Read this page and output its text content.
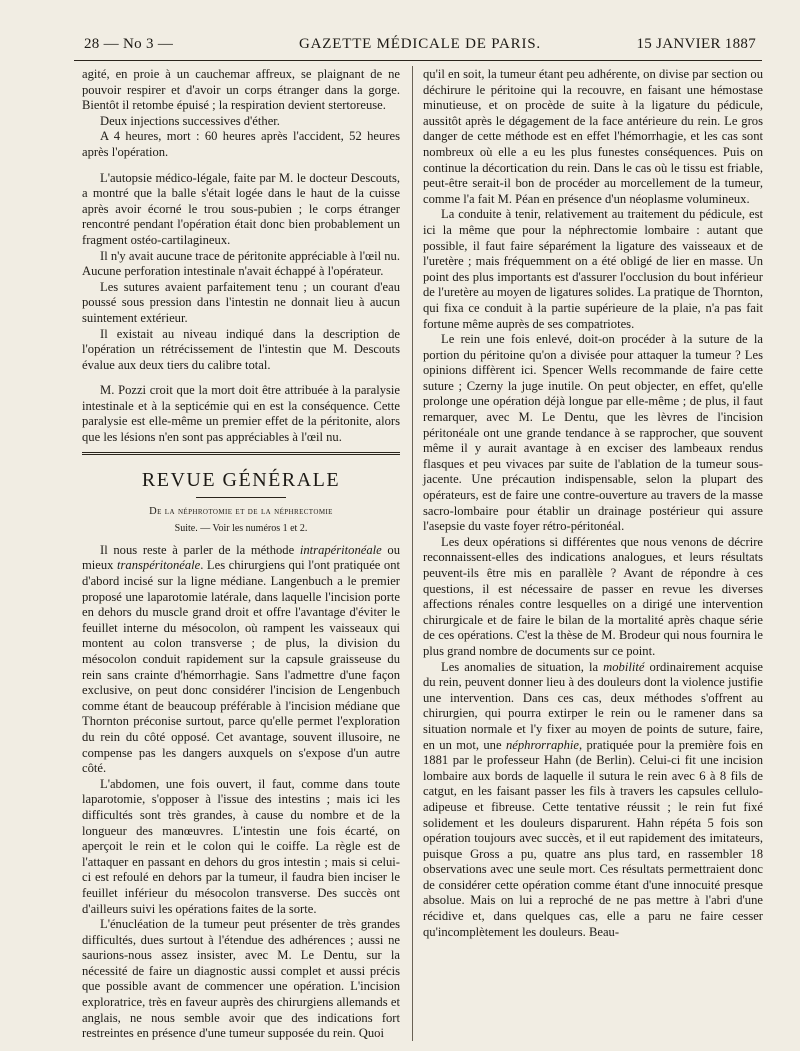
28 — No 3 —	GAZETTE MÉDICALE DE PARIS.	15 JANVIER 1887

agité, en proie à un cauchemar affreux, se plaignant de ne pouvoir respirer et d'avoir un corps étranger dans la gorge. Bientôt il retombe épuisé ; la respiration devient stertoreuse.

Deux injections successives d'éther.

A 4 heures, mort : 60 heures après l'accident, 52 heures après l'opération.

L'autopsie médico-légale, faite par M. le docteur Descouts, a montré que la balle s'était logée dans le haut de la cuisse après avoir écorné le trou sous-pubien ; le corps étranger rencontré pendant l'opération était donc bien probablement un fragment ostéo-cartilagineux.

Il n'y avait aucune trace de péritonite appréciable à l'œil nu. Aucune perforation intestinale n'avait échappé à l'opérateur.

Les sutures avaient parfaitement tenu ; un courant d'eau poussé sous pression dans l'intestin ne donnait lieu à aucun suintement extérieur.

Il existait au niveau indiqué dans la description de l'opération un rétrécissement de l'intestin que M. Descouts évalue aux deux tiers du calibre total.

M. Pozzi croit que la mort doit être attribuée à la paralysie intestinale et à la septicémie qui en est la conséquence. Cette paralysie est elle-même un premier effet de la péritonite, alors que les lésions n'en sont pas appréciables à l'œil nu.

REVUE GÉNÉRALE
De la néphrotomie et de la néphrectomie
Suite. — Voir les numéros 1 et 2.

Il nous reste à parler de la méthode intrapéritonéale ou mieux transpéritonéale. Les chirurgiens qui l'ont pratiquée ont d'abord incisé sur la ligne médiane. Langenbuch a le premier proposé une laparotomie latérale, dans laquelle l'incision porte en dehors du muscle grand droit et offre l'avantage d'éviter le feuillet interne du mésocolon, où rampent les vaisseaux qui montent au colon transverse ; de plus, la division du mésocolon conduit rapidement sur la capsule graisseuse du rein sans crainte d'hémorrhagie. Sans l'admettre d'une façon exclusive, on peut donc considérer l'incision de Lengenbuch comme étant de beaucoup préférable à l'incision médiane que Thornton préconise surtout, parce qu'elle permet l'exploration du rein du côté opposé. Cet avantage, souvent illusoire, ne compense pas les dangers auxquels on s'expose d'un autre côté.

L'abdomen, une fois ouvert, il faut, comme dans toute laparotomie, s'opposer à l'issue des intestins ; mais ici les difficultés sont très grandes, à cause du nombre et de la longueur des manœuvres. L'intestin une fois écarté, on aperçoit le rein et le colon qui le coiffe. La règle est de l'attaquer en passant en dehors du gros intestin ; mais si celui-ci est refoulé en dehors par la tumeur, il faudra bien inciser le feuillet inférieur du mésocolon transverse. Des succès ont d'ailleurs suivi les opérations faites de la sorte.

L'énucléation de la tumeur peut présenter de très grandes difficultés, dues surtout à l'étendue des adhérences ; aussi ne saurions-nous assez insister, avec M. Le Dentu, sur la nécessité de faire un diagnostic aussi complet et aussi précis que possible avant de commencer une opération. L'incision exploratrice, très en faveur auprès des chirurgiens allemands et anglais, ne nous semble avoir que des indications fort restreintes en présence d'une tumeur supposée du rein. Quoi

qu'il en soit, la tumeur étant peu adhérente, on divise par section ou déchirure le péritoine qui la recouvre, en faisant une hémostase minutieuse, et on procède de suite à la ligature du pédicule, aussitôt après le dégagement de la face antérieure du rein. Le gros danger de cette méthode est en effet l'hémorrhagie, et les cas sont nombreux où elle a eu les plus funestes conséquences. Puis on continue la décortication du rein. Dans le cas où le tissu est friable, peut-être serait-il bon de procéder au morcellement de la tumeur, comme l'a fait M. Péan en présence d'un néoplasme volumineux.

La conduite à tenir, relativement au traitement du pédicule, est ici la même que pour la néphrectomie lombaire : autant que possible, il faut faire séparément la ligature des vaisseaux et de l'uretère ; mais fréquemment on a été obligé de lier en masse. Un point des plus importants est d'assurer l'occlusion du bout inférieur de l'uretère au moyen de ligatures solides. La pratique de Thornton, qui fixa ce conduit à la partie supérieure de la plaie, n'a pas fait fortune même auprès de ses compatriotes.

Le rein une fois enlevé, doit-on procéder à la suture de la portion du péritoine qu'on a divisée pour attaquer la tumeur ? Les opinions diffèrent ici. Spencer Wells recommande de faire cette suture ; Czerny la juge inutile. On peut objecter, en effet, qu'elle prolonge une opération déjà longue par elle-même ; de plus, il faut remarquer, avec M. Le Dentu, que les lèvres de l'incision péritonéale ont une grande tendance à se rapprocher, que souvent même il y aurait avantage à en exciser des lambeaux rendus flasques et peu vivaces par suite de l'ablation de la tumeur sous-jacente. Une précaution indispensable, selon la plupart des opérateurs, est de faire une contre-ouverture au travers de la masse sacro-lombaire pour établir un drainage postérieur qui assure l'asepsie du vaste foyer rétro-péritonéal.

Les deux opérations si différentes que nous venons de décrire reconnaissent-elles des indications analogues, et leurs résultats peuvent-ils être mis en parallèle ? Avant de répondre à ces questions, il est nécessaire de passer en revue les diverses affections rénales contre lesquelles on a dirigé une intervention chirurgicale et de faire le bilan de la mortalité après chaque série de ces opérations. C'est la thèse de M. Brodeur qui nous fournira le plus grand nombre de documents sur ce point.

Les anomalies de situation, la mobilité ordinairement acquise du rein, peuvent donner lieu à des douleurs dont la violence justifie une intervention. Dans ces cas, deux méthodes s'offrent au chirurgien, qui pourra extirper le rein ou le ramener dans sa situation normale et l'y fixer au moyen de points de suture, faire, en un mot, une néphrorraphie, pratiquée pour la première fois en 1881 par le professeur Hahn (de Berlin). Celui-ci fit une incision lombaire aux bords de laquelle il sutura le rein avec 6 à 8 fils de catgut, en les faisant passer les fils à travers les capsules cellulo-adipeuse et fibreuse. Cette tentative réussit ; le rein fut fixé solidement et les douleurs disparurent. Hahn répéta 5 fois son opération toujours avec succès, et il eut rapidement des imitateurs, puisque Gross a pu, quatre ans plus tard, en rassembler 18 observations avec une seule mort. Ces résultats permettraient donc de considérer cette opération comme étant d'une innocuité presque absolue. Mais on lui a reproché de ne pas mettre à l'abri d'une récidive et, dans quelques cas, elle a paru ne faire cesser qu'incomplètement les douleurs. Beau-
